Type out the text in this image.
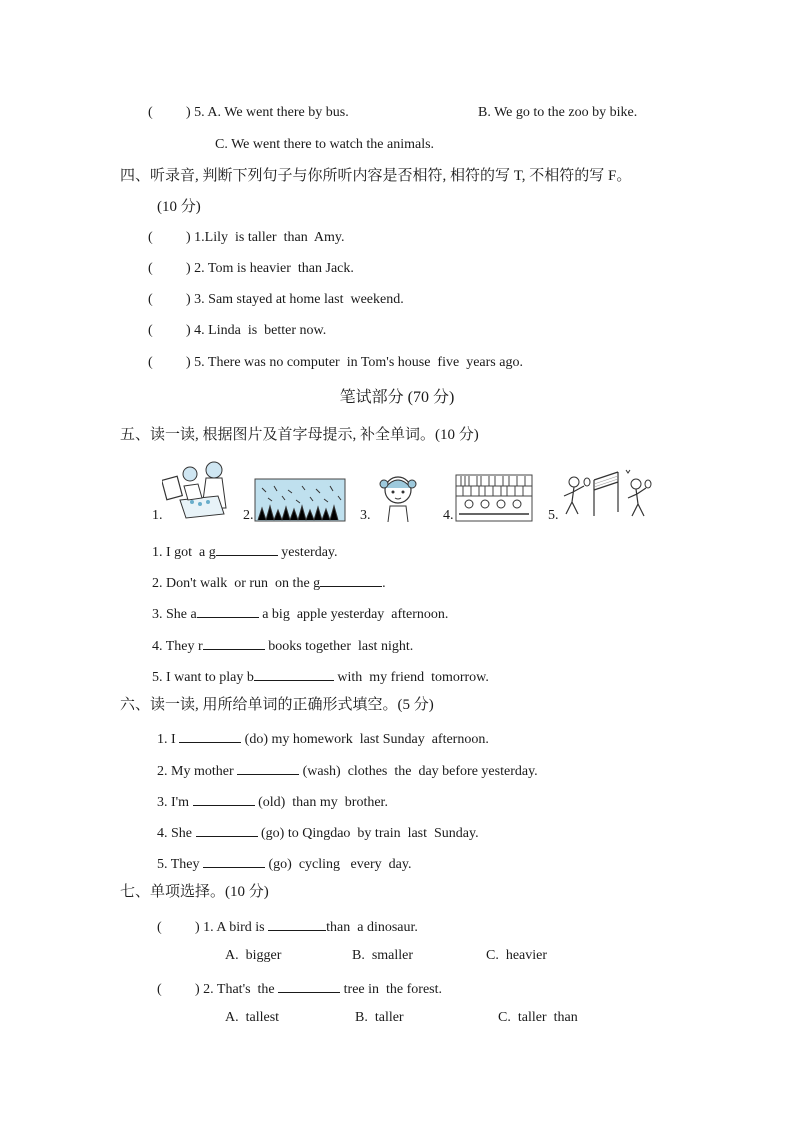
( ) 5. A. We went there by bus.	B. We go to the zoo by bike.
C. We went there to watch the animals.
四、听录音, 判断下列句子与你所听内容是否相符, 相符的写 T, 不相符的写 F。
(10 分)
( ) 1.Lily  is taller  than  Amy.
( ) 2. Tom is heavier  than Jack.
( ) 3. Sam stayed at home last  weekend.
( ) 4. Linda  is  better now.
( ) 5. There was no computer  in Tom's house  five  years ago.
笔试部分 (70 分)
五、读一读, 根据图片及首字母提示, 补全单词。(10 分)
1.	2.	3.	4.	5.
1. I got  a g	yesterday.
2. Don't walk  or run  on the g	.
3. She a	a big  apple yesterday  afternoon.
4. They r	books together  last night.
5. I want to play b	with  my friend  tomorrow.
六、读一读, 用所给单词的正确形式填空。(5 分)
1. I	(do) my homework  last Sunday  afternoon.
2. My mother	(wash)  clothes  the  day before yesterday.
3. I'm	(old)  than my  brother.
4. She	(go) to Qingdao  by train  last  Sunday.
5. They	(go)  cycling   every  day.
七、单项选择。(10 分)
( ) 1. A bird is	than  a dinosaur.
A.  bigger	B.  smaller	C.  heavier
( ) 2. That's  the	tree in  the forest.
A.  tallest	B.  taller	C.  taller  than
